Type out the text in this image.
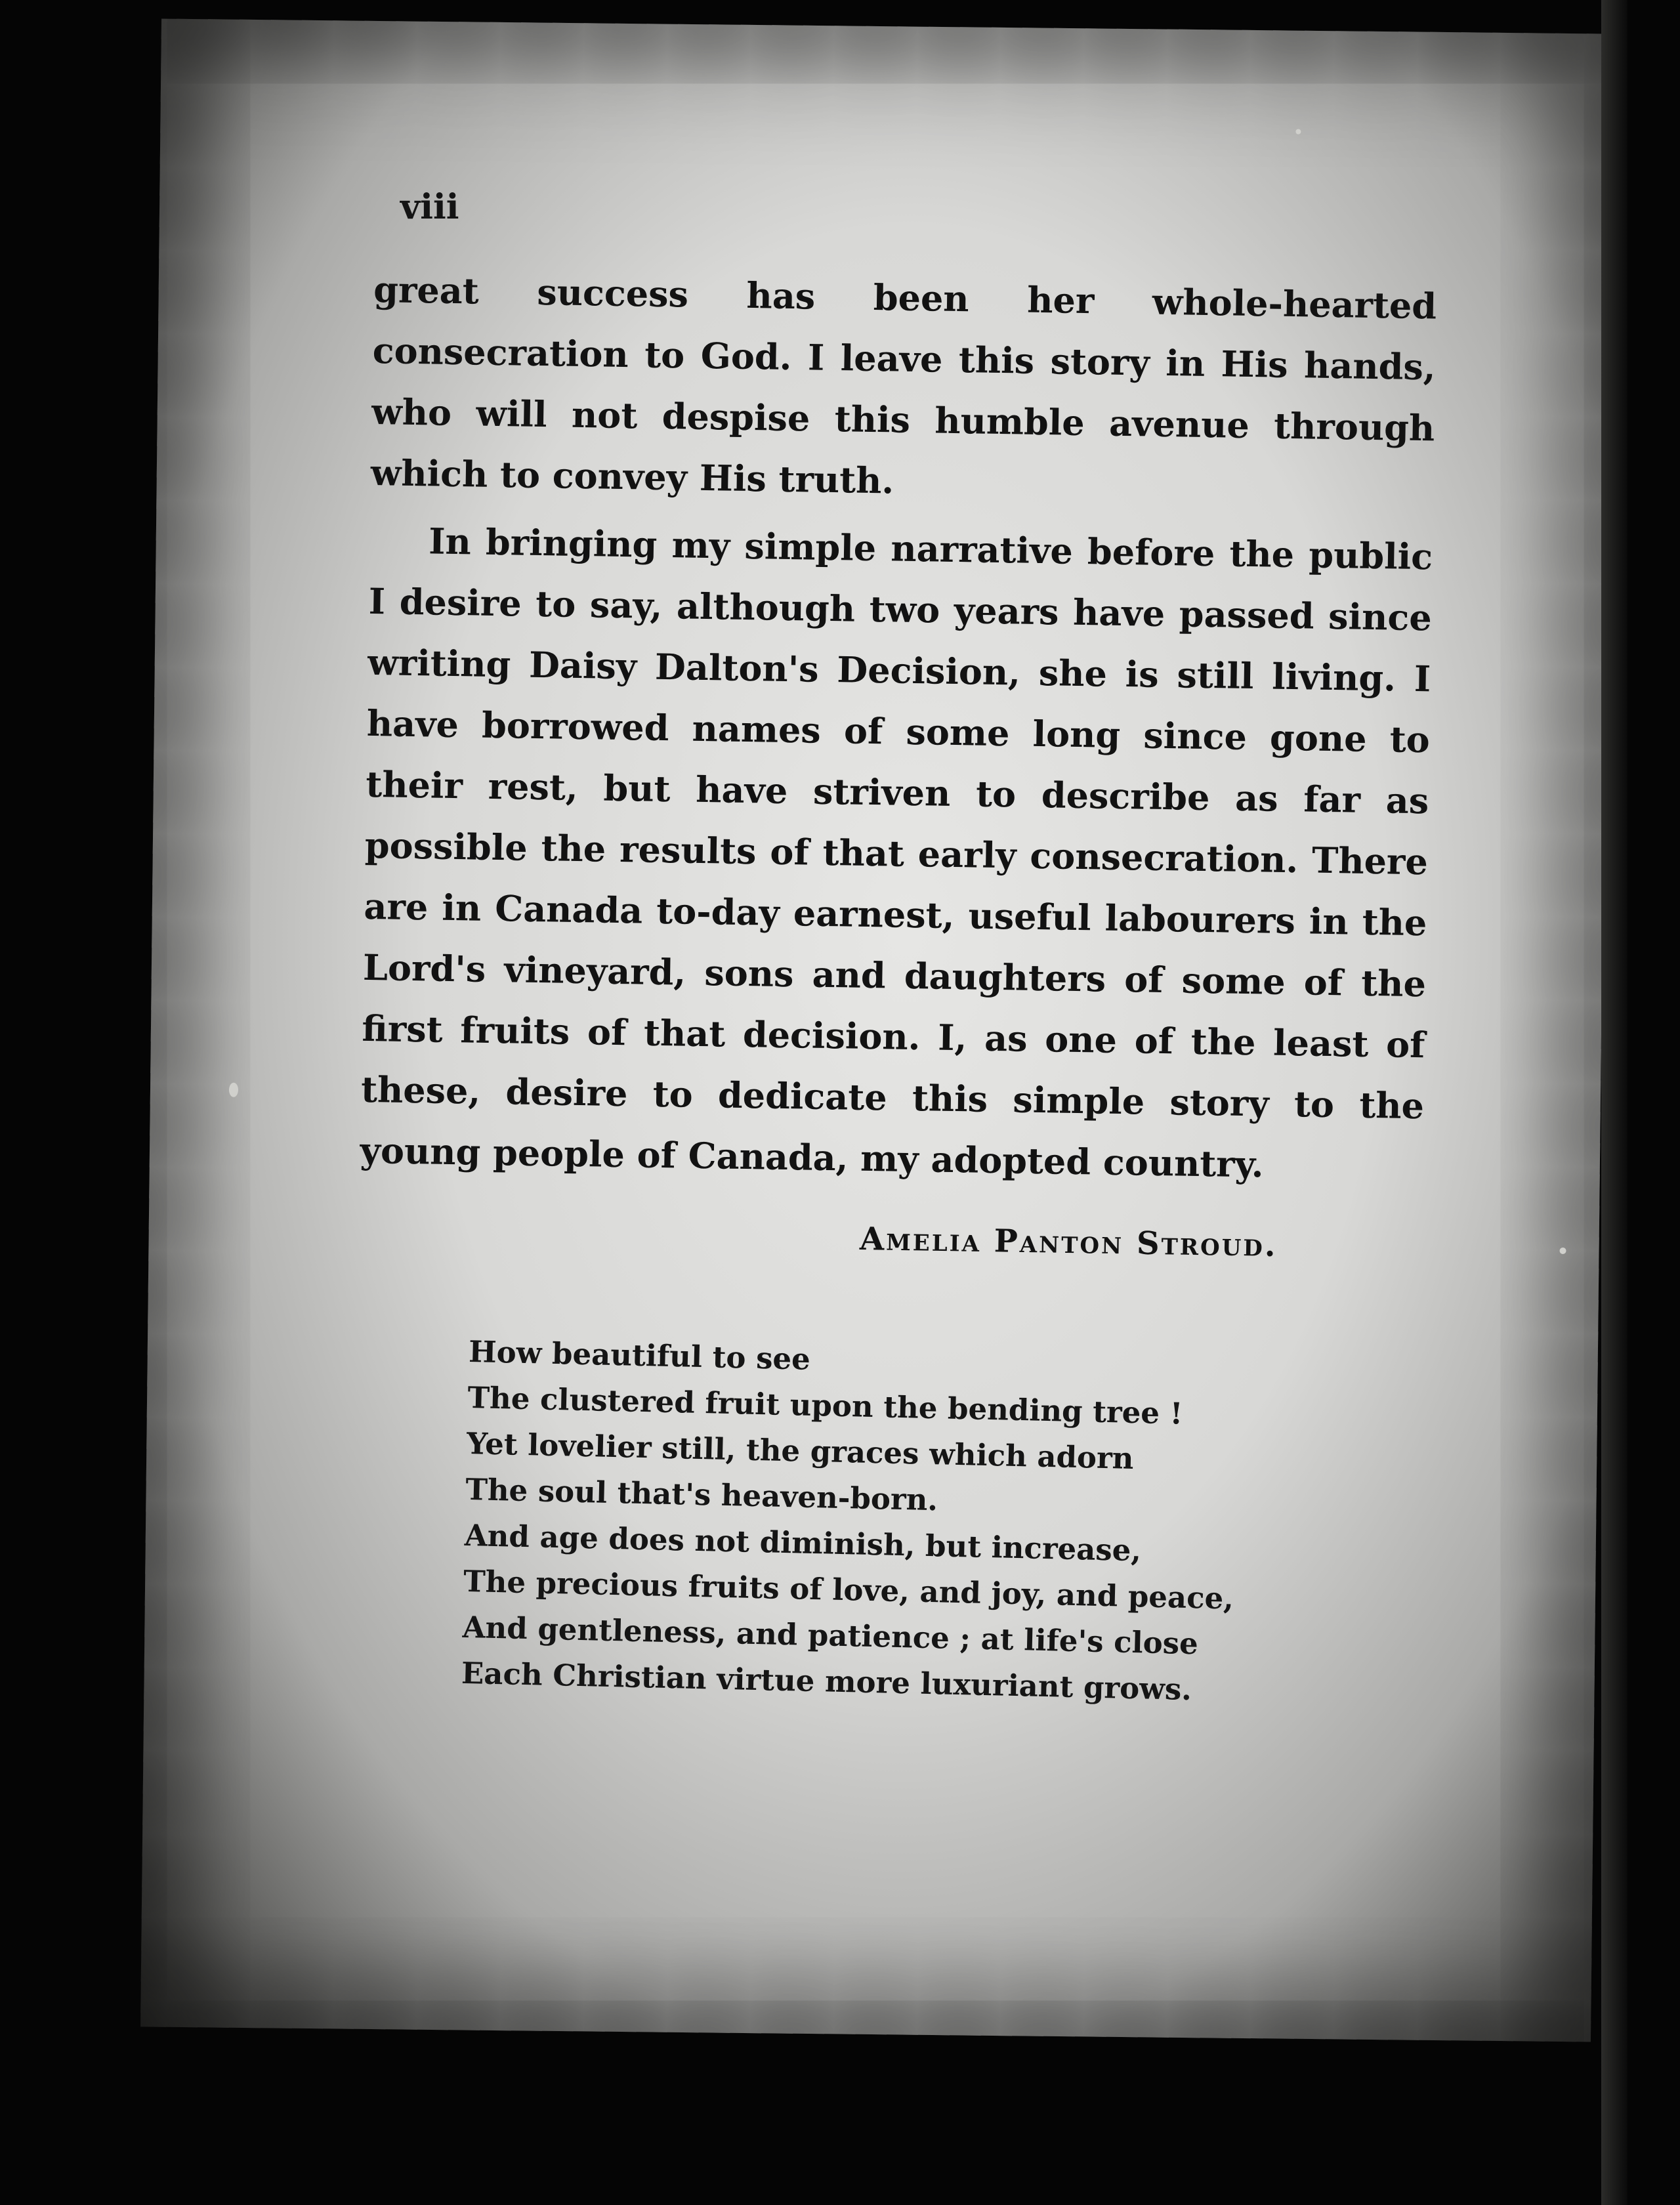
viii

great success has been her whole-hearted consecration to God. I leave this story in His hands, who will not despise this humble avenue through which to convey His truth.

In bringing my simple narrative before the public I desire to say, although two years have passed since writing Daisy Dalton's Decision, she is still living. I have borrowed names of some long since gone to their rest, but have striven to describe as far as possible the results of that early consecration. There are in Canada to-day earnest, useful labourers in the Lord's vineyard, sons and daughters of some of the first fruits of that decision. I, as one of the least of these, desire to dedicate this simple story to the young people of Canada, my adopted country.

Amelia Panton Stroud.
How beautiful to see
The clustered fruit upon the bending tree !
Yet lovelier still, the graces which adorn
The soul that's heaven-born.
And age does not diminish, but increase,
The precious fruits of love, and joy, and peace,
And gentleness, and patience ; at life's close
Each Christian virtue more luxuriant grows.
